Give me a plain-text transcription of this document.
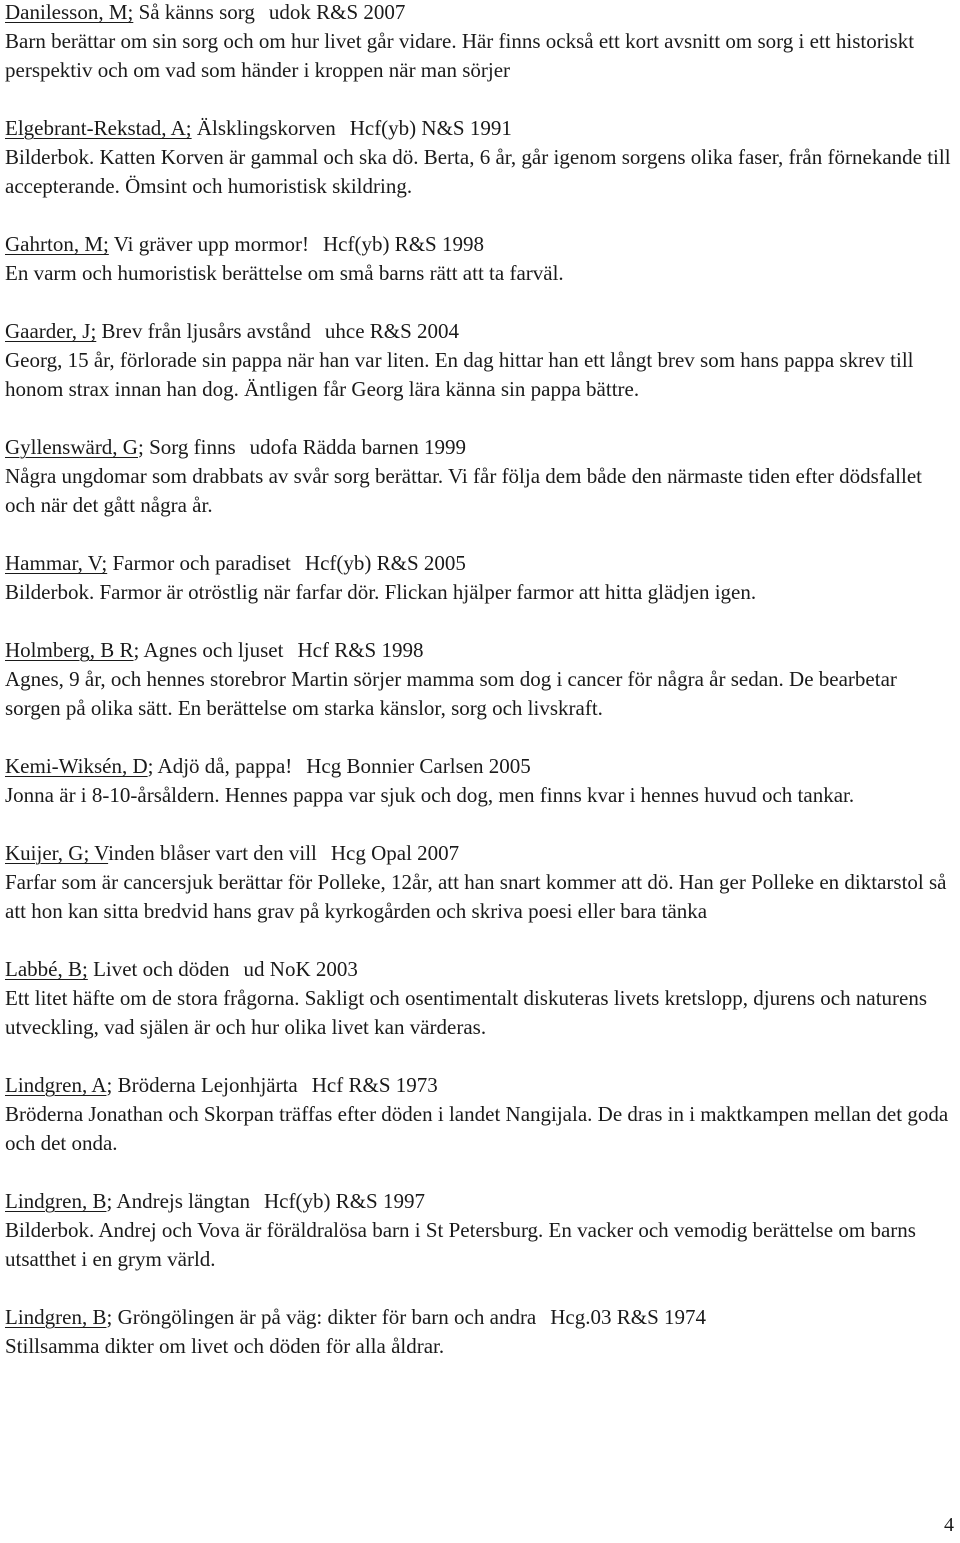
Danilesson, M; Så känns sorg udok R&S 2007
Barn berättar om sin sorg och om hur livet går vidare. Här finns också ett kort avsnitt om sorg i ett historiskt perspektiv och om vad som händer i kroppen när man sörjer
Elgebrant-Rekstad, A; Älsklingskorven Hcf(yb) N&S 1991
Bilderbok. Katten Korven är gammal och ska dö. Berta, 6 år, går igenom sorgens olika faser, från förnekande till accepterande. Ömsint och humoristisk skildring.
Gahrton, M; Vi gräver upp mormor! Hcf(yb) R&S 1998
En varm och humoristisk berättelse om små barns rätt att ta farväl.
Gaarder, J; Brev från ljusårs avstånd uhce R&S 2004
Georg, 15 år, förlorade sin pappa när han var liten. En dag hittar han ett långt brev som hans pappa skrev till honom strax innan han dog. Äntligen får Georg lära känna sin pappa bättre.
Gyllenswärd, G; Sorg finns udofa Rädda barnen 1999
Några ungdomar som drabbats av svår sorg berättar. Vi får följa dem både den närmaste tiden efter dödsfallet och när det gått några år.
Hammar, V; Farmor och paradiset Hcf(yb) R&S 2005
Bilderbok. Farmor är otröstlig när farfar dör. Flickan hjälper farmor att hitta glädjen igen.
Holmberg, B R; Agnes och ljuset Hcf R&S 1998
Agnes, 9 år, och hennes storebror Martin sörjer mamma som dog i cancer för några år sedan. De bearbetar sorgen på olika sätt. En berättelse om starka känslor, sorg och livskraft.
Kemi-Wiksén, D; Adjö då, pappa! Hcg Bonnier Carlsen 2005
Jonna är i 8-10-årsåldern. Hennes pappa var sjuk och dog, men finns kvar i hennes huvud och tankar.
Kuijer, G; Vinden blåser vart den vill Hcg Opal 2007
Farfar som är cancersjuk berättar för Polleke, 12år, att han snart kommer att dö. Han ger Polleke en diktarstol så att hon kan sitta bredvid hans grav på kyrkogården och skriva poesi eller bara tänka
Labbé, B; Livet och döden ud NoK 2003
Ett litet häfte om de stora frågorna. Sakligt och osentimentalt diskuteras livets kretslopp, djurens och naturens utveckling, vad själen är och hur olika livet kan värderas.
Lindgren, A; Bröderna Lejonhjärta Hcf R&S 1973
Bröderna Jonathan och Skorpan träffas efter döden i landet Nangijala. De dras in i maktkampen mellan det goda och det onda.
Lindgren, B; Andrejs längtan Hcf(yb) R&S 1997
Bilderbok. Andrej och Vova är föräldralösa barn i St Petersburg. En vacker och vemodig berättelse om barns utsatthet i en grym värld.
Lindgren, B; Gröngölingen är på väg: dikter för barn och andra Hcg.03 R&S 1974
Stillsamma dikter om livet och döden för alla åldrar.
4
